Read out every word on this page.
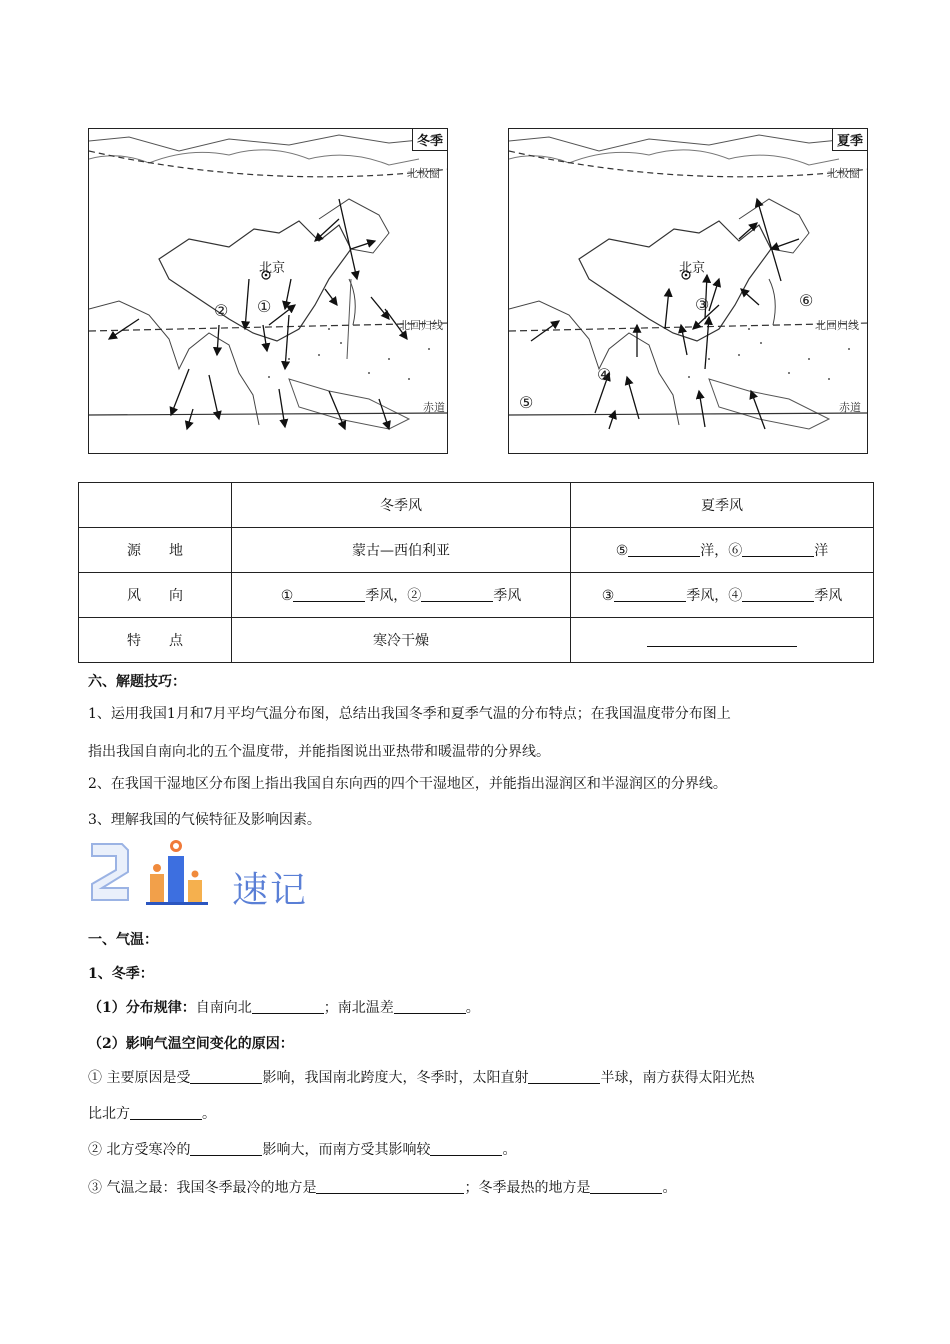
冬季
北极圈
北回归线
赤道
北京
①
②
夏季
北极圈
北回归线
赤道
北京
③
④
⑤
⑥
	冬季风	夏季风
源　　地	蒙古—西伯利亚	⑤ 洋，⑥ 洋
风　　向	① 季风，② 季风	③ 季风，④ 季风
特　　点	寒冷干燥	
六、解题技巧：
1、运用我国1月和7月平均气温分布图，总结出我国冬季和夏季气温的分布特点；在我国温度带分布图上
指出我国自南向北的五个温度带，并能指图说出亚热带和暖温带的分界线。
2、在我国干湿地区分布图上指出我国自东向西的四个干湿地区，并能指出湿润区和半湿润区的分界线。
3、理解我国的气候特征及影响因素。
速记
一、气温：
1、冬季：
（1）分布规律：自南向北	；南北温差	。
（2）影响气温空间变化的原因：
① 主要原因是受	影响，我国南北跨度大，冬季时，太阳直射	半球，南方获得太阳光热
比北方	。
② 北方受寒冷的	影响大，而南方受其影响较	。
③ 气温之最：我国冬季最冷的地方是	；冬季最热的地方是	。
